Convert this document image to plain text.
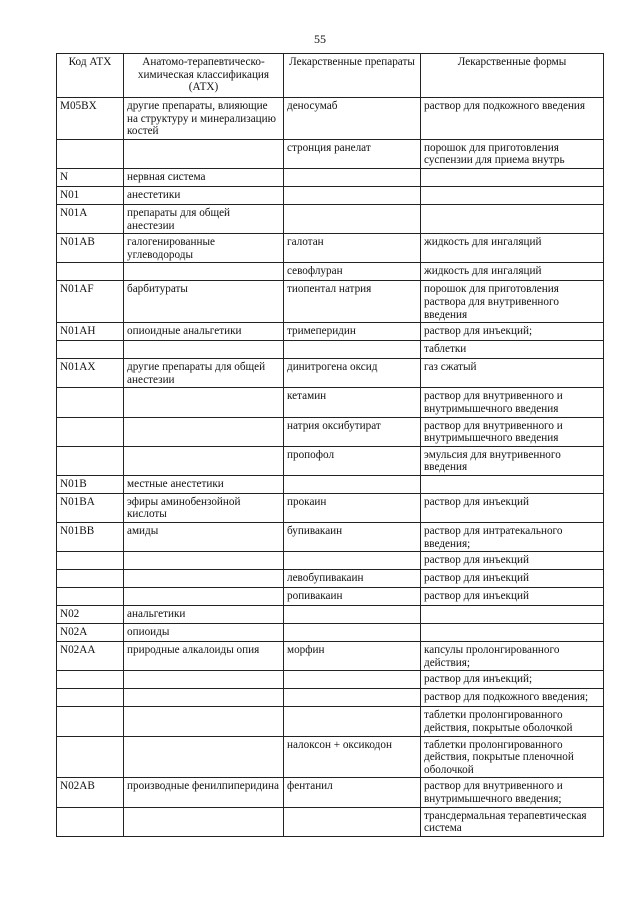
55
Код АТХ	Анатомо-терапевтическо-химическая классификация (АТХ)	Лекарственные препараты	Лекарственные формы
M05BX	другие препараты, влияющие на структуру и минерализацию костей	деносумаб	раствор для подкожного введения
		стронция ранелат	порошок для приготовления суспензии для приема внутрь
N	нервная система		
N01	анестетики		
N01A	препараты для общей анестезии		
N01AB	галогенированные углеводороды	галотан	жидкость для ингаляций
		севофлуран	жидкость для ингаляций
N01AF	барбитураты	тиопентал натрия	порошок для приготовления раствора для внутривенного введения
N01AH	опиоидные анальгетики	тримеперидин	раствор для инъекций;
			таблетки
N01AX	другие препараты для общей анестезии	динитрогена оксид	газ сжатый
		кетамин	раствор для внутривенного и внутримышечного введения
		натрия оксибутират	раствор для внутривенного и внутримышечного введения
		пропофол	эмульсия для внутривенного введения
N01B	местные анестетики		
N01BA	эфиры аминобензойной кислоты	прокаин	раствор для инъекций
N01BB	амиды	бупивакаин	раствор для интратекального введения;
			раствор для инъекций
		левобупивакаин	раствор для инъекций
		ропивакаин	раствор для инъекций
N02	анальгетики		
N02A	опиоиды		
N02AA	природные алкалоиды опия	морфин	капсулы пролонгированного действия;
			раствор для инъекций;
			раствор для подкожного введения;
			таблетки пролонгированного действия, покрытые оболочкой
		налоксон + оксикодон	таблетки пролонгированного действия, покрытые пленочной оболочкой
N02AB	производные фенилпиперидина	фентанил	раствор для внутривенного и внутримышечного введения;
			трансдермальная терапевтическая система
